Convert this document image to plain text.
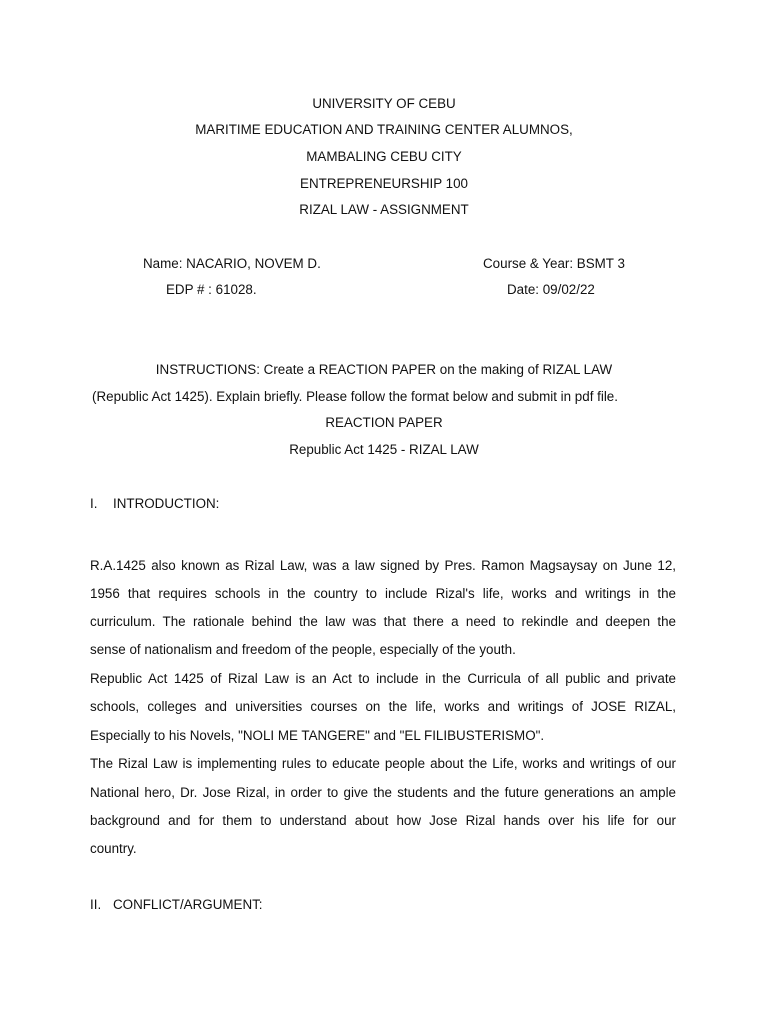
UNIVERSITY OF CEBU
MARITIME EDUCATION AND TRAINING CENTER ALUMNOS,
MAMBALING CEBU CITY
ENTREPRENEURSHIP 100
RIZAL LAW - ASSIGNMENT
Name: NACARIO, NOVEM D.	Course & Year: BSMT 3
EDP # : 61028.	Date: 09/02/22
INSTRUCTIONS: Create a REACTION PAPER on the making of RIZAL LAW
(Republic Act 1425). Explain briefly. Please follow the format below and submit in pdf file.
REACTION PAPER
Republic Act 1425 - RIZAL LAW
I. INTRODUCTION:
R.A.1425 also known as Rizal Law, was a law signed by Pres. Ramon Magsaysay on June 12,
1956 that requires schools in the country to include Rizal's life, works and writings in the
curriculum. The rationale behind the law was that there a need to rekindle and deepen the
sense of nationalism and freedom of the people, especially of the youth.
Republic Act 1425 of Rizal Law is an Act to include in the Curricula of all public and private
schools, colleges and universities courses on the life, works and writings of JOSE RIZAL,
Especially to his Novels, "NOLI ME TANGERE" and "EL FILIBUSTERISMO".
The Rizal Law is implementing rules to educate people about the Life, works and writings of our
National hero, Dr. Jose Rizal, in order to give the students and the future generations an ample
background and for them to understand about how Jose Rizal hands over his life for our
country.
II. CONFLICT/ARGUMENT:
